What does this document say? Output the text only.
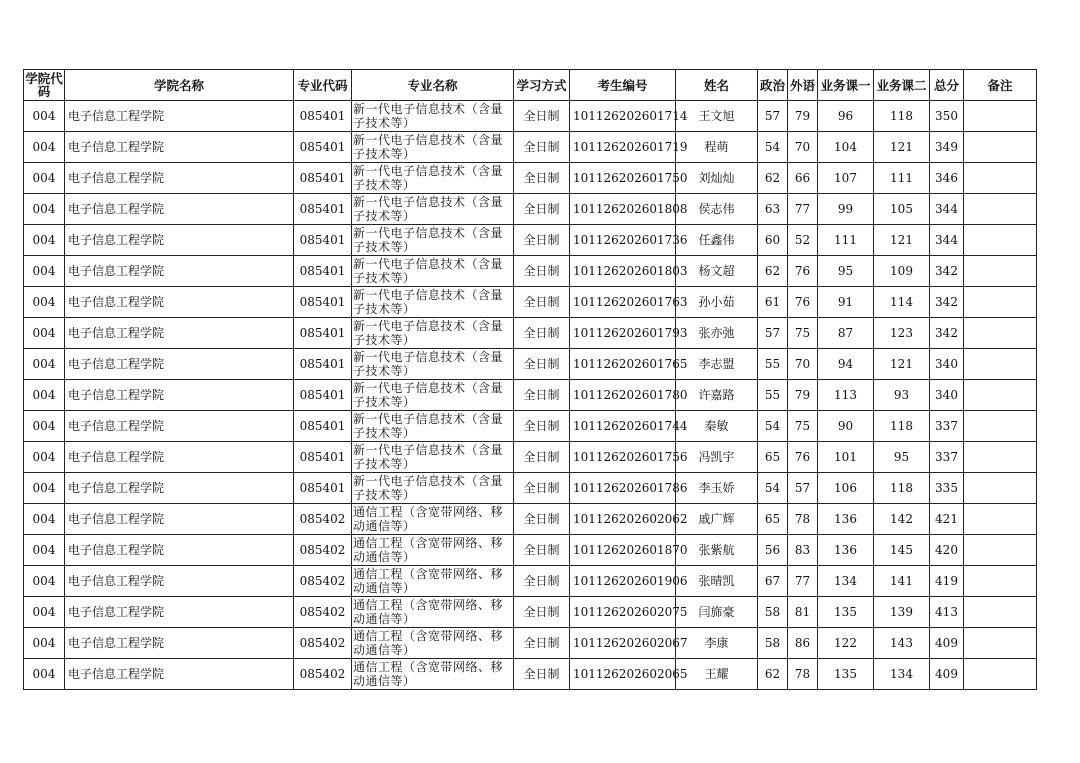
学院代码	学院名称	专业代码	专业名称	学习方式	考生编号	姓名	政治	外语	业务课一	业务课二	总分	备注
004	电子信息工程学院	085401	新一代电子信息技术（含量子技术等）	全日制	101126202601714	王文旭	57	79	96	118	350	
004	电子信息工程学院	085401	新一代电子信息技术（含量子技术等）	全日制	101126202601719	程萌	54	70	104	121	349	
004	电子信息工程学院	085401	新一代电子信息技术（含量子技术等）	全日制	101126202601750	刘灿灿	62	66	107	111	346	
004	电子信息工程学院	085401	新一代电子信息技术（含量子技术等）	全日制	101126202601808	侯志伟	63	77	99	105	344	
004	电子信息工程学院	085401	新一代电子信息技术（含量子技术等）	全日制	101126202601736	任鑫伟	60	52	111	121	344	
004	电子信息工程学院	085401	新一代电子信息技术（含量子技术等）	全日制	101126202601803	杨文超	62	76	95	109	342	
004	电子信息工程学院	085401	新一代电子信息技术（含量子技术等）	全日制	101126202601763	孙小茹	61	76	91	114	342	
004	电子信息工程学院	085401	新一代电子信息技术（含量子技术等）	全日制	101126202601793	张亦弛	57	75	87	123	342	
004	电子信息工程学院	085401	新一代电子信息技术（含量子技术等）	全日制	101126202601765	李志盟	55	70	94	121	340	
004	电子信息工程学院	085401	新一代电子信息技术（含量子技术等）	全日制	101126202601780	许嘉路	55	79	113	93	340	
004	电子信息工程学院	085401	新一代电子信息技术（含量子技术等）	全日制	101126202601744	秦敏	54	75	90	118	337	
004	电子信息工程学院	085401	新一代电子信息技术（含量子技术等）	全日制	101126202601756	冯凯宇	65	76	101	95	337	
004	电子信息工程学院	085401	新一代电子信息技术（含量子技术等）	全日制	101126202601786	李玉娇	54	57	106	118	335	
004	电子信息工程学院	085402	通信工程（含宽带网络、移动通信等）	全日制	101126202602062	戚广辉	65	78	136	142	421	
004	电子信息工程学院	085402	通信工程（含宽带网络、移动通信等）	全日制	101126202601870	张紫航	56	83	136	145	420	
004	电子信息工程学院	085402	通信工程（含宽带网络、移动通信等）	全日制	101126202601906	张晴凯	67	77	134	141	419	
004	电子信息工程学院	085402	通信工程（含宽带网络、移动通信等）	全日制	101126202602075	闫旆豪	58	81	135	139	413	
004	电子信息工程学院	085402	通信工程（含宽带网络、移动通信等）	全日制	101126202602067	李康	58	86	122	143	409	
004	电子信息工程学院	085402	通信工程（含宽带网络、移动通信等）	全日制	101126202602065	王耀	62	78	135	134	409	
